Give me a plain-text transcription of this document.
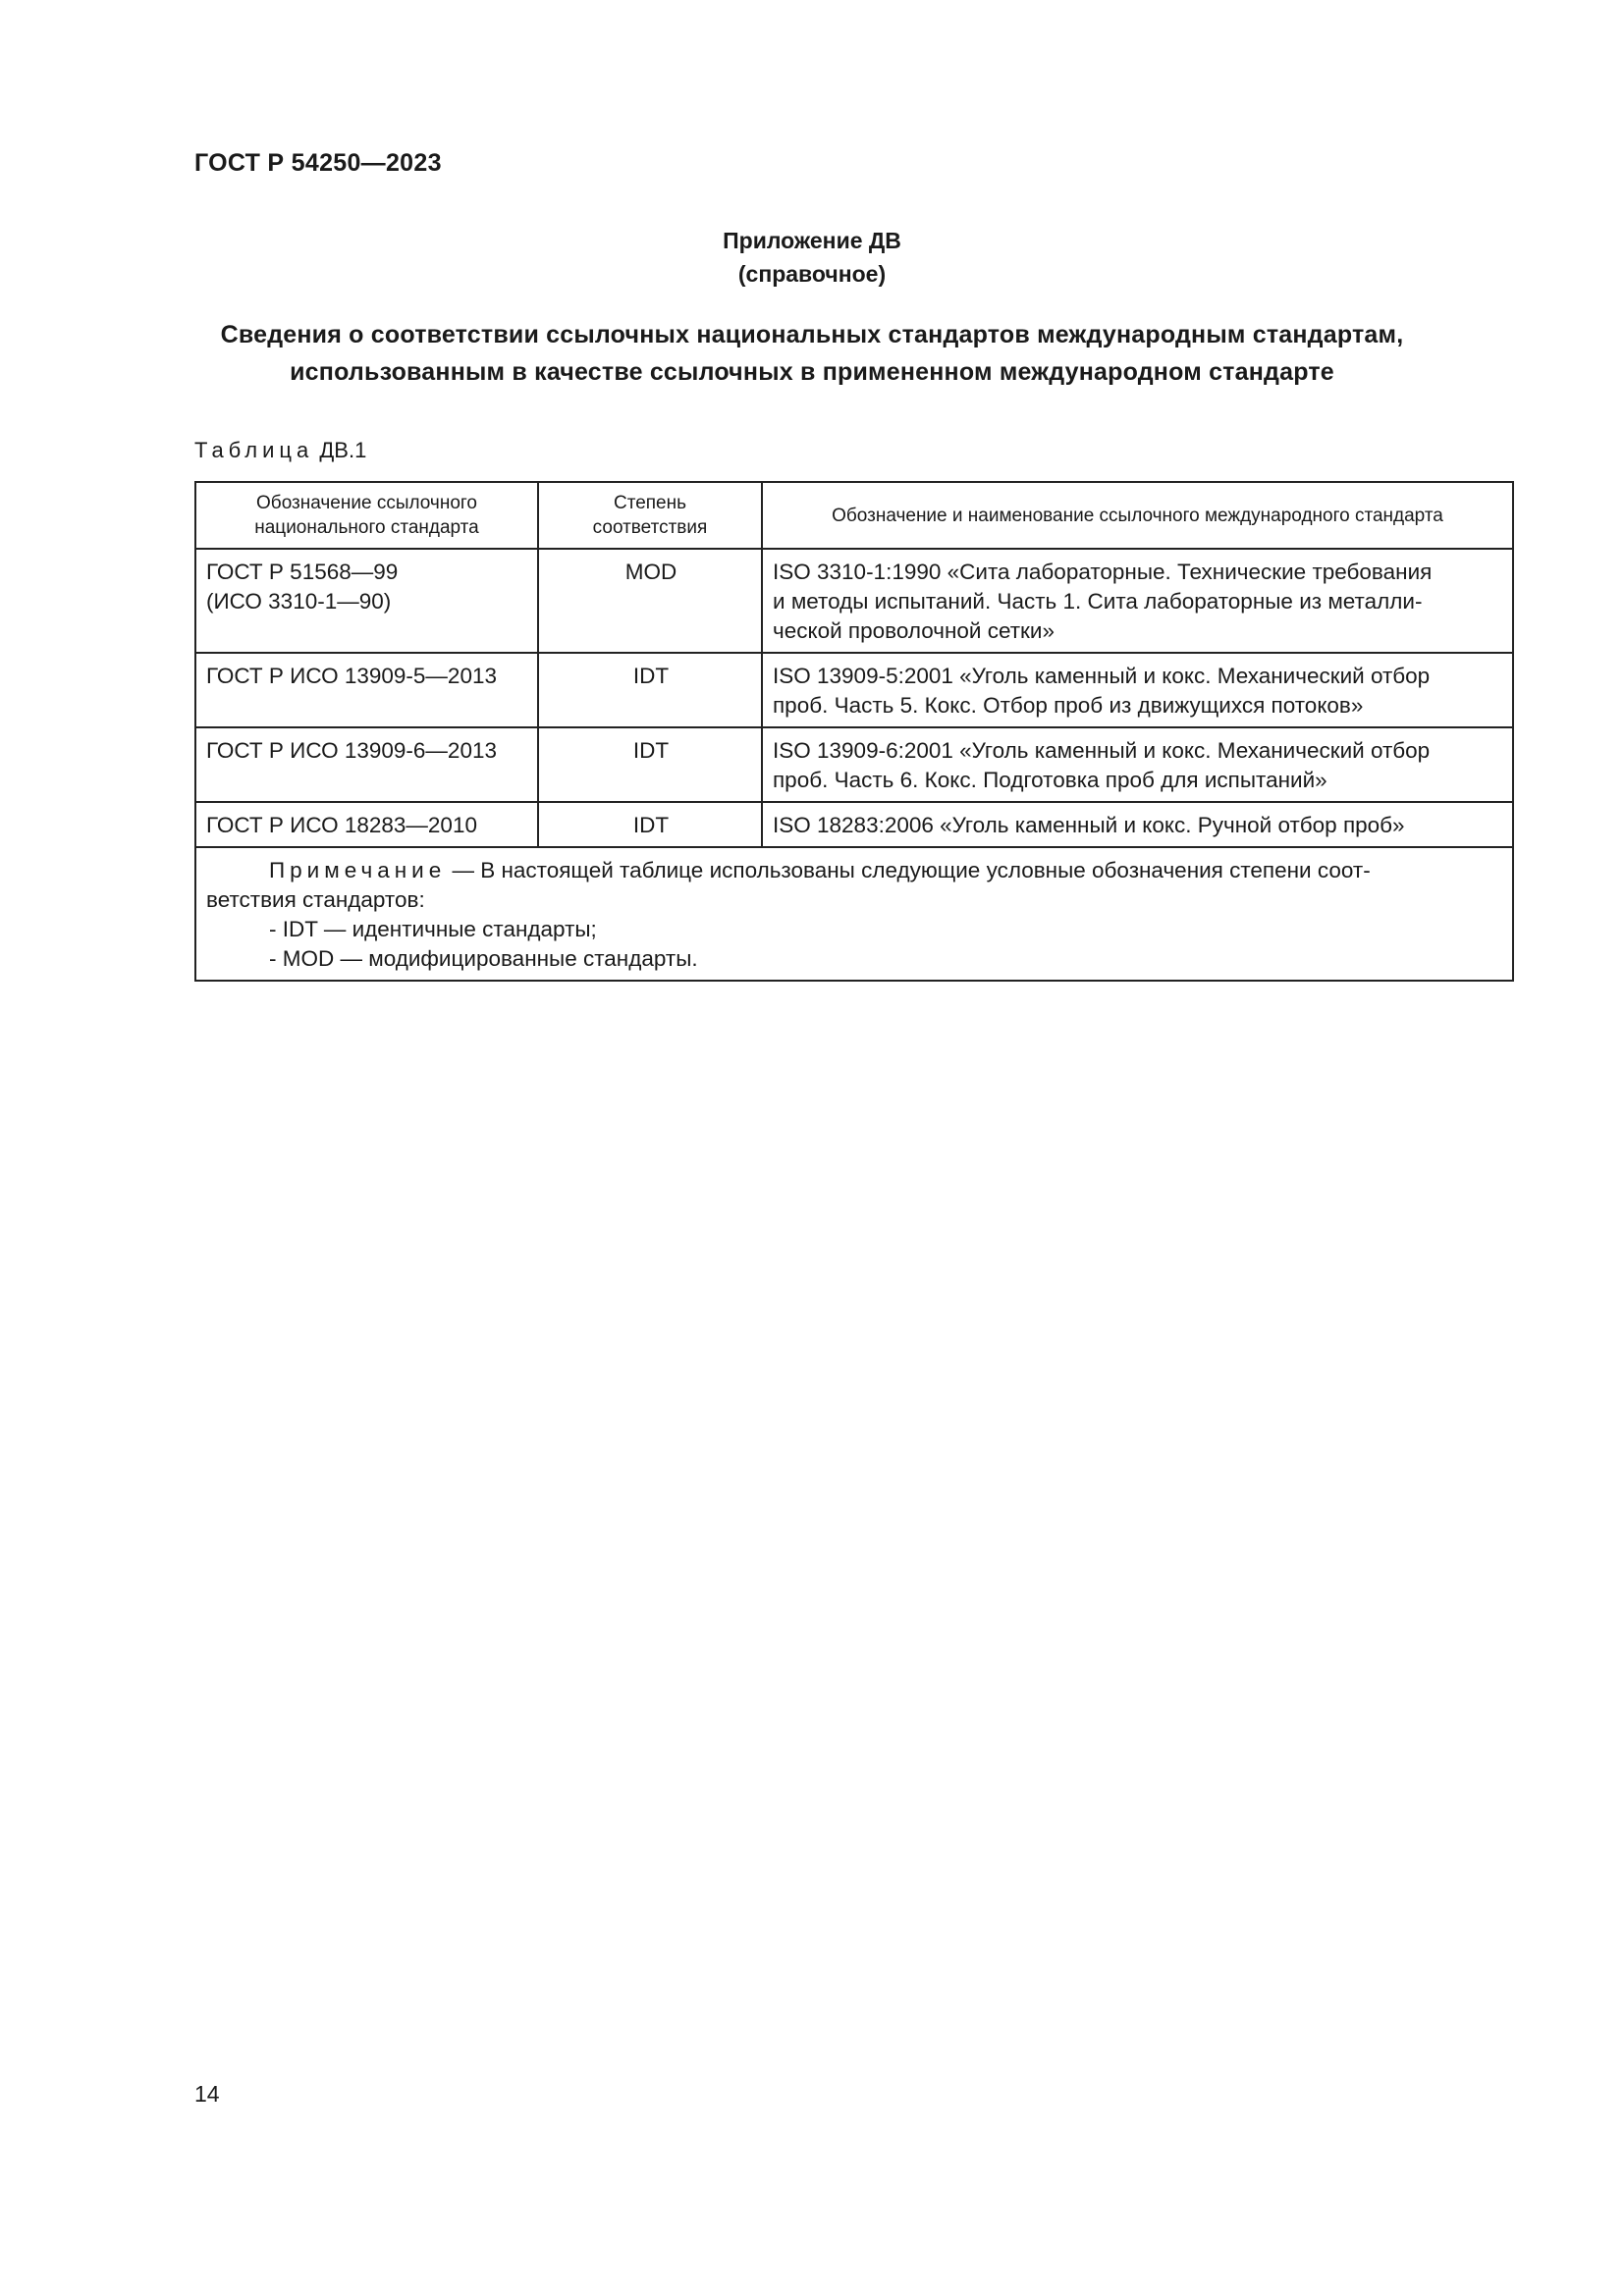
ГОСТ Р 54250—2023
Приложение ДВ
(справочное)
Сведения о соответствии ссылочных национальных стандартов международным стандартам,
использованным в качестве ссылочных в примененном международном стандарте
Таблица ДВ.1
Обозначение ссылочного национального стандарта	Степень соответствия	Обозначение и наименование ссылочного международного стандарта

ГОСТ Р 51568—99
(ИСО 3310-1—90)	MOD	ISO 3310-1:1990 «Сита лабораторные. Технические требования
и методы испытаний. Часть 1. Сита лабораторные из металли-
ческой проволочной сетки»

ГОСТ Р ИСО 13909-5—2013	IDT	ISO 13909-5:2001 «Уголь каменный и кокс. Механический отбор
проб. Часть 5. Кокс. Отбор проб из движущихся потоков»

ГОСТ Р ИСО 13909-6—2013	IDT	ISO 13909-6:2001 «Уголь каменный и кокс. Механический отбор
проб. Часть 6. Кокс. Подготовка проб для испытаний»

ГОСТ Р ИСО 18283—2010	IDT	ISO 18283:2006 «Уголь каменный и кокс. Ручной отбор проб»

Примечание — В настоящей таблице использованы следующие условные обозначения степени соот-
ветствия стандартов:
- IDT — идентичные стандарты;
- MOD — модифицированные стандарты.		
14
